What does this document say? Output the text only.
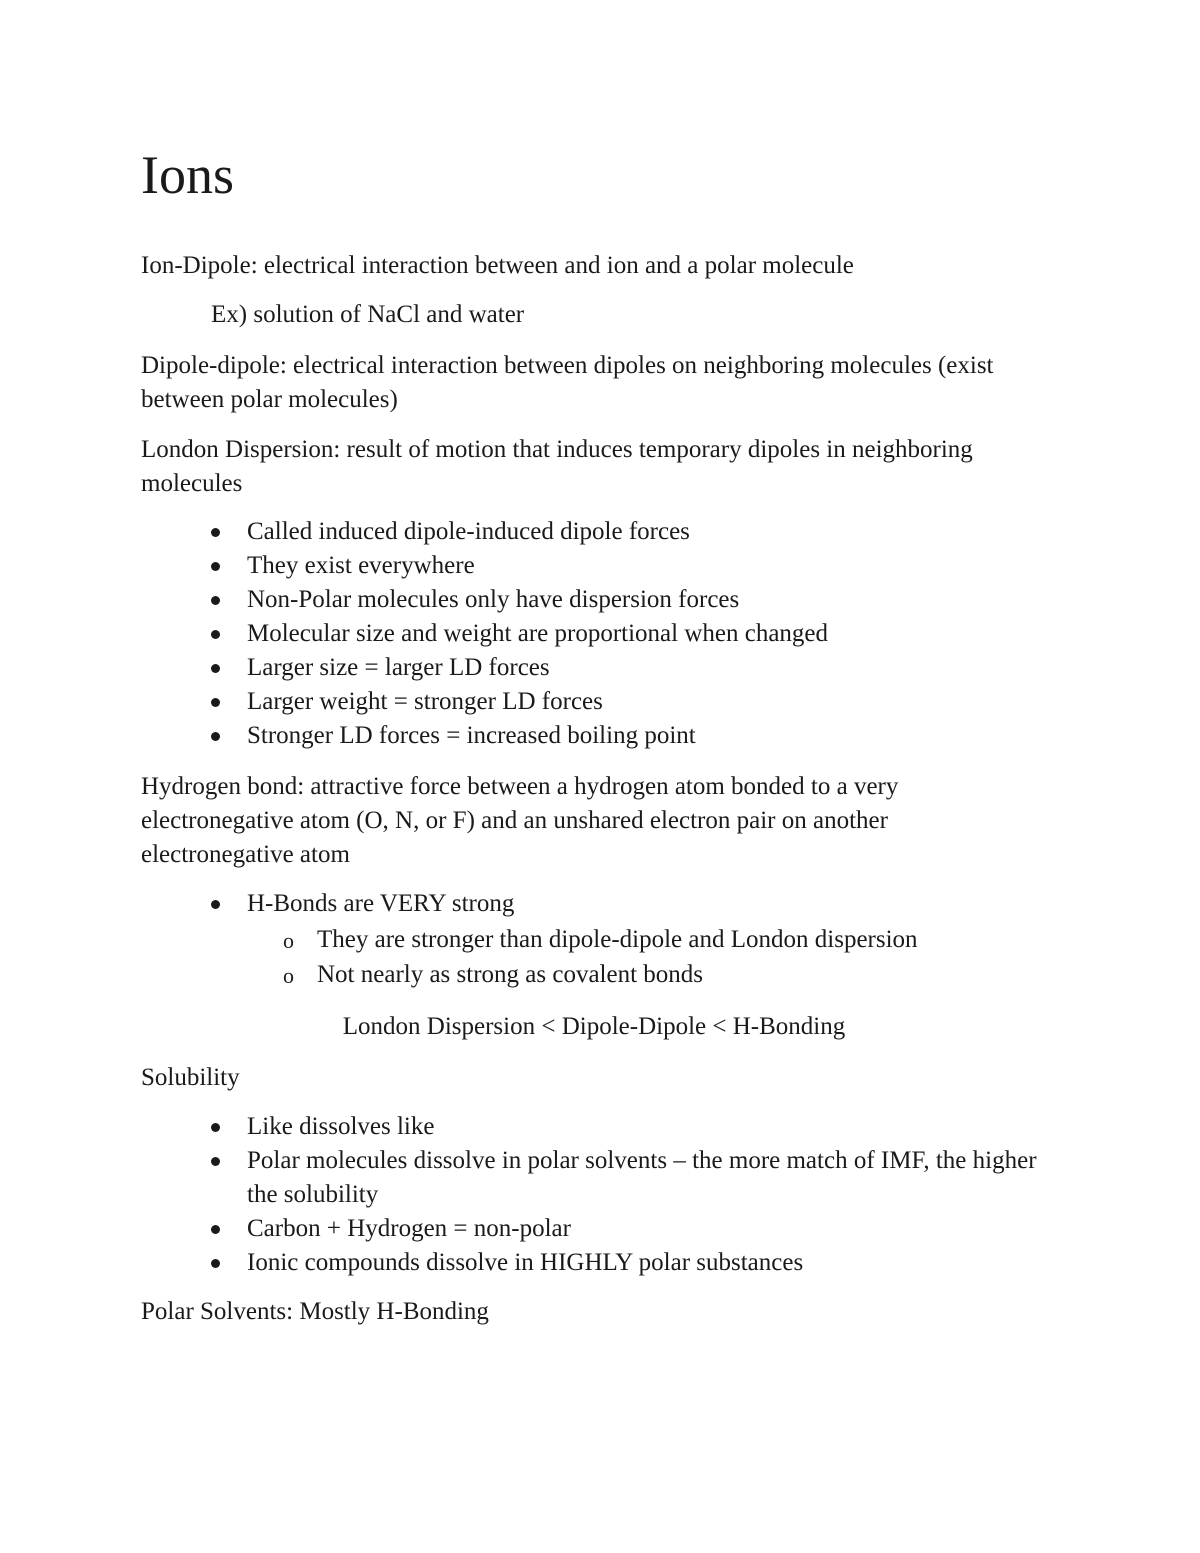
Ions

Ion-Dipole: electrical interaction between and ion and a polar molecule

Ex) solution of NaCl and water

Dipole-dipole: electrical interaction between dipoles on neighboring molecules (exist between polar molecules)

London Dispersion: result of motion that induces temporary dipoles in neighboring molecules

Called induced dipole-induced dipole forces
They exist everywhere
Non-Polar molecules only have dispersion forces
Molecular size and weight are proportional when changed
Larger size = larger LD forces
Larger weight = stronger LD forces
Stronger LD forces = increased boiling point

Hydrogen bond: attractive force between a hydrogen atom bonded to a very electronegative atom (O, N, or F) and an unshared electron pair on another electronegative atom

H-Bonds are VERY strong
o They are stronger than dipole-dipole and London dispersion
o Not nearly as strong as covalent bonds

London Dispersion < Dipole-Dipole < H-Bonding

Solubility

Like dissolves like
Polar molecules dissolve in polar solvents – the more match of IMF, the higher the solubility
Carbon + Hydrogen = non-polar
Ionic compounds dissolve in HIGHLY polar substances

Polar Solvents: Mostly H-Bonding
